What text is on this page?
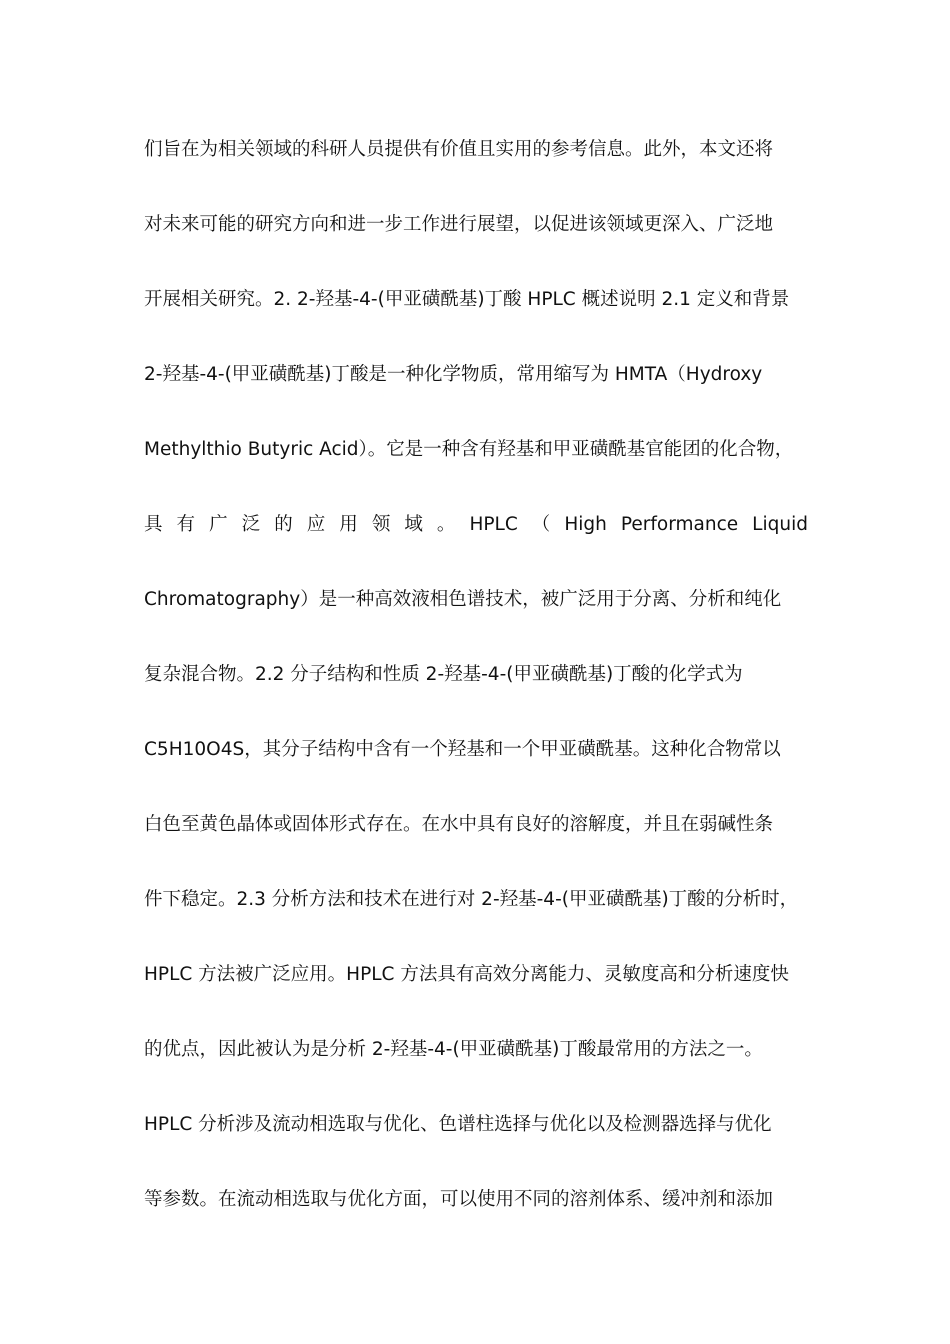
们旨在为相关领域的科研人员提供有价值且实用的参考信息。此外，本文还将
对未来可能的研究方向和进一步工作进行展望，以促进该领域更深入、广泛地
开展相关研究。2. 2-羟基-4-(甲亚磺酰基)丁酸 HPLC 概述说明 2.1 定义和背景
2-羟基-4-(甲亚磺酰基)丁酸是一种化学物质，常用缩写为 HMTA（Hydroxy
Methylthio Butyric Acid）。它是一种含有羟基和甲亚磺酰基官能团的化合物，
具 有 广 泛 的 应 用 领 域 。 HPLC （ High Performance Liquid
Chromatography）是一种高效液相色谱技术，被广泛用于分离、分析和纯化
复杂混合物。2.2 分子结构和性质 2-羟基-4-(甲亚磺酰基)丁酸的化学式为
C5H10O4S，其分子结构中含有一个羟基和一个甲亚磺酰基。这种化合物常以
白色至黄色晶体或固体形式存在。在水中具有良好的溶解度，并且在弱碱性条
件下稳定。2.3 分析方法和技术在进行对 2-羟基-4-(甲亚磺酰基)丁酸的分析时，
HPLC 方法被广泛应用。HPLC 方法具有高效分离能力、灵敏度高和分析速度快
的优点，因此被认为是分析 2-羟基-4-(甲亚磺酰基)丁酸最常用的方法之一。
HPLC 分析涉及流动相选取与优化、色谱柱选择与优化以及检测器选择与优化
等参数。在流动相选取与优化方面，可以使用不同的溶剂体系、缓冲剂和添加
